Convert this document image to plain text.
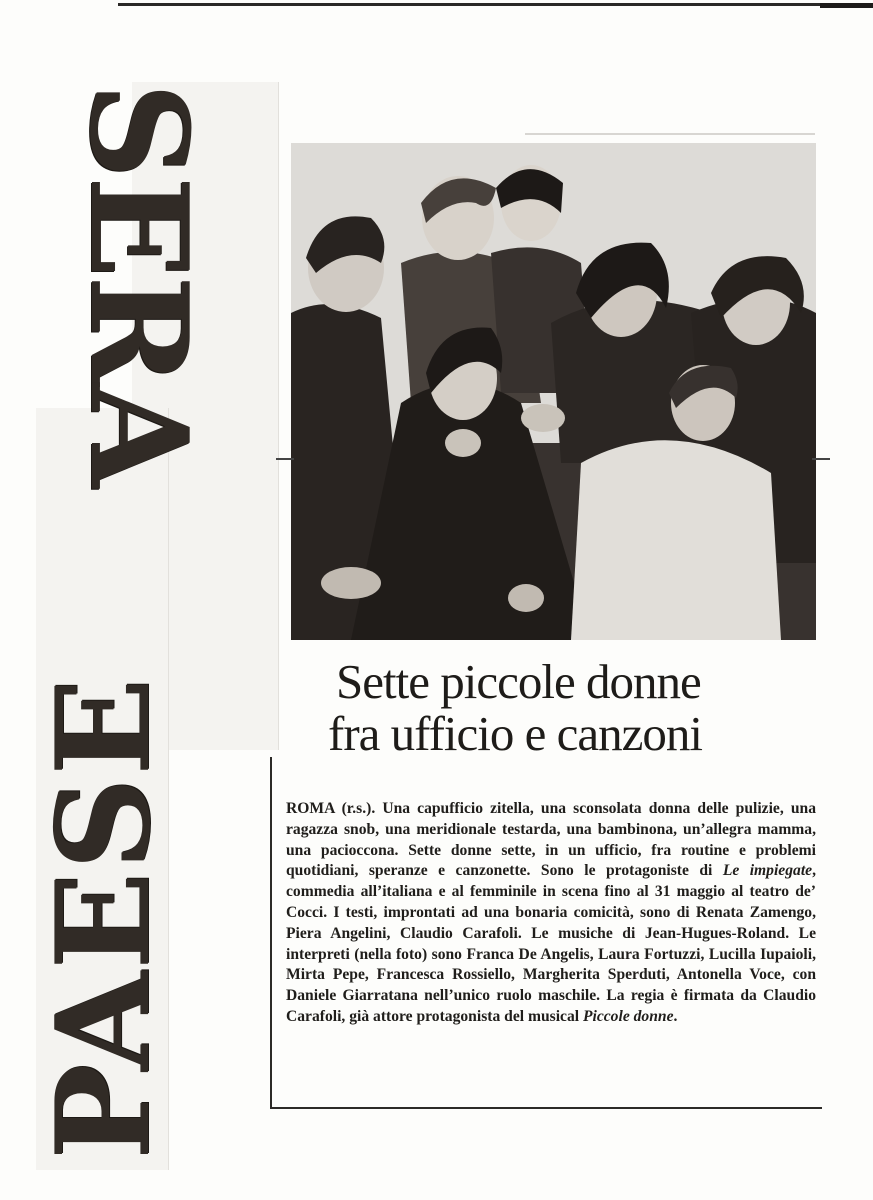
SERA
PAESE	Sette piccole donne
fra ufficio e canzoni

ROMA (r.s.). Una capufficio zitella, una sconsolata donna delle pulizie, una ragazza snob, una meridionale testarda, una bambinona, un’allegra mamma, una pacioccona. Sette donne sette, in un ufficio, fra routine e problemi quotidiani, speranze e canzonette. Sono le protagoniste di Le impiegate, commedia all’italiana e al femminile in scena fino al 31 maggio al teatro de’ Cocci. I testi, improntati ad una bonaria comicità, sono di Renata Zamengo, Piera Angelini, Claudio Carafoli. Le musiche di Jean-Hugues-Roland. Le interpreti (nella foto) sono Franca De Angelis, Laura Fortuzzi, Lucilla Iupaioli, Mirta Pepe, Francesca Rossiello, Margherita Sperduti, Antonella Voce, con Daniele Giarratana nell’unico ruolo maschile. La regia è firmata da Claudio Carafoli, già attore protagonista del musical Piccole donne.
